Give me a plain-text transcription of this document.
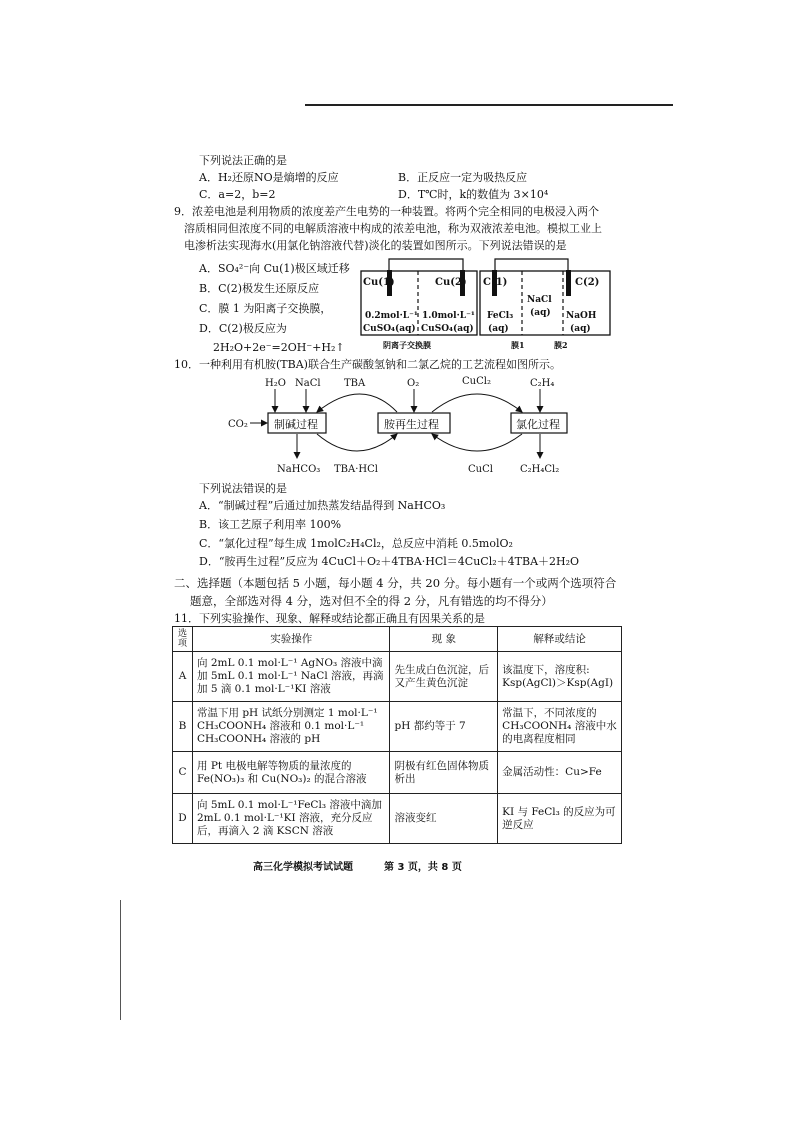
下列说法正确的是
A．H₂还原NO是熵增的反应	B．正反应一定为吸热反应
C．a=2，b=2	D．T℃时，k的数值为 3×10⁴
9．浓差电池是利用物质的浓度差产生电势的一种装置。将两个完全相同的电极浸入两个
溶质相同但浓度不同的电解质溶液中构成的浓差电池，称为双液浓差电池。模拟工业上
电渗析法实现海水(用氯化钠溶液代替)淡化的装置如图所示。下列说法错误的是
A．SO₄²⁻向 Cu(1)极区域迁移
B．C(2)极发生还原反应
C．膜 1 为阳离子交换膜，
D．C(2)极反应为
2H₂O+2e⁻=2OH⁻+H₂↑
Cu(1)	Cu(2) C(1)	C(2)
0.2mol·L⁻¹
CuSO₄(aq)
1.0mol·L⁻¹
CuSO₄(aq)
FeCl₃
(aq)
NaCl
(aq) NaOH
(aq)
阴离子交换膜	膜1	膜2
10．一种利用有机胺(TBA)联合生产碳酸氢钠和二氯乙烷的工艺流程如图所示。
制碱过程	胺再生过程	氯化过程
CO₂
H₂O NaCl
NaHCO₃
TBA
TBA·HCl
O₂	CuCl₂
CuCl
C₂H₄
C₂H₄Cl₂
下列说法错误的是
A．“制碱过程”后通过加热蒸发结晶得到 NaHCO₃
B．该工艺原子利用率 100%
C．“氯化过程”每生成 1molC₂H₄Cl₂，总反应中消耗 0.5molO₂
D．“胺再生过程”反应为 4CuCl＋O₂＋4TBA·HCl＝4CuCl₂＋4TBA＋2H₂O
二、选择题（本题包括 5 小题，每小题 4 分，共 20 分。每小题有一个或两个选项符合
题意，全部选对得 4 分，选对但不全的得 2 分，凡有错选的均不得分）
11．下列实验操作、现象、解释或结论都正确且有因果关系的是
选项	实验操作	现 象	解释或结论
A	向 2mL 0.1 mol·L⁻¹ AgNO₃ 溶液中滴加 5mL 0.1 mol·L⁻¹ NaCl 溶液，再滴加 5 滴 0.1 mol·L⁻¹KI 溶液	先生成白色沉淀，后又产生黄色沉淀	该温度下，溶度积: Ksp(AgCl)＞Ksp(AgI)
B	常温下用 pH 试纸分别测定 1 mol·L⁻¹ CH₃COONH₄ 溶液和 0.1 mol·L⁻¹ CH₃COONH₄ 溶液的 pH	pH 都约等于 7	常温下，不同浓度的 CH₃COONH₄ 溶液中水的电离程度相同
C	用 Pt 电极电解等物质的量浓度的 Fe(NO₃)₃ 和 Cu(NO₃)₂ 的混合溶液	阴极有红色固体物质析出	金属活动性：Cu>Fe
D	向 5mL 0.1 mol·L⁻¹FeCl₃ 溶液中滴加 2mL 0.1 mol·L⁻¹KI 溶液，充分反应后，再滴入 2 滴 KSCN 溶液	溶液变红	KI 与 FeCl₃ 的反应为可逆反应
高三化学模拟考试试题	第 3 页，共 8 页
